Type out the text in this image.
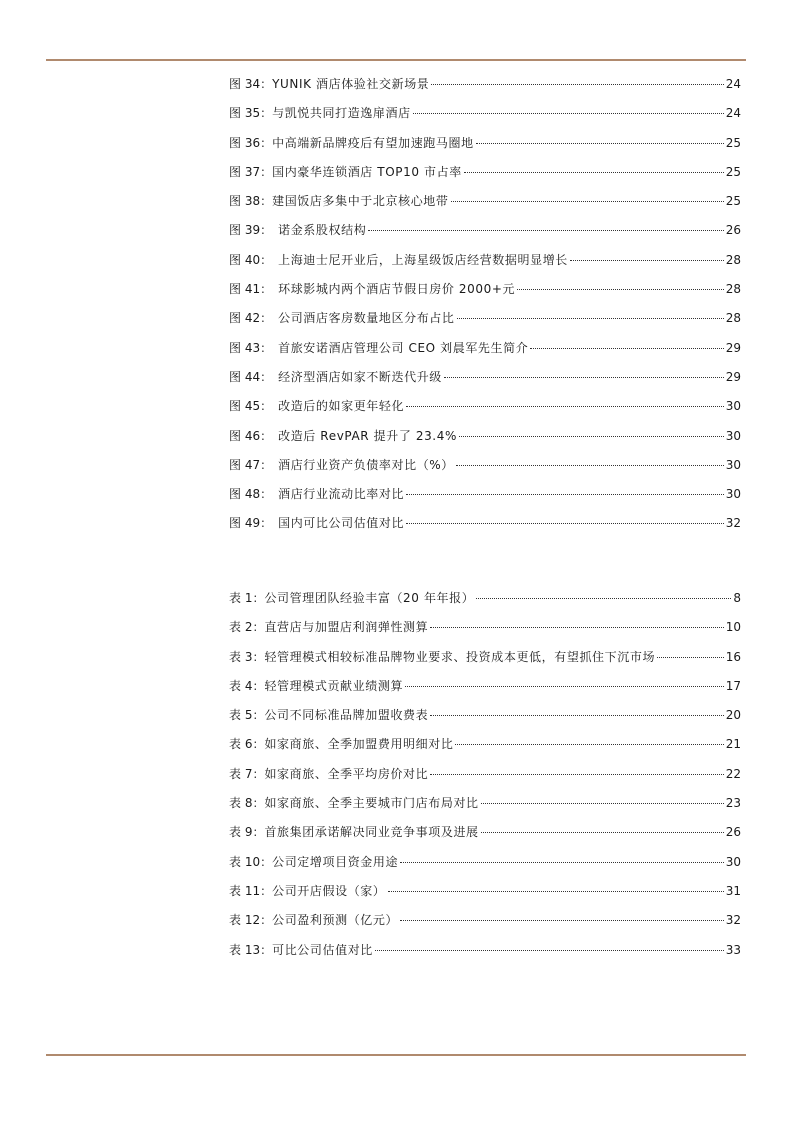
图 34： YUNIK 酒店体验社交新场景	24
图 35： 与凯悦共同打造逸扉酒店	24
图 36： 中高端新品牌疫后有望加速跑马圈地	25
图 37： 国内豪华连锁酒店 TOP10 市占率	25
图 38： 建国饭店多集中于北京核心地带	25
图 39： 诺金系股权结构	26
图 40： 上海迪士尼开业后，上海星级饭店经营数据明显增长	28
图 41： 环球影城内两个酒店节假日房价 2000+元	28
图 42： 公司酒店客房数量地区分布占比	28
图 43： 首旅安诺酒店管理公司 CEO 刘晨军先生简介	29
图 44： 经济型酒店如家不断迭代升级	29
图 45： 改造后的如家更年轻化	30
图 46： 改造后 RevPAR 提升了 23.4%	30
图 47： 酒店行业资产负债率对比（%）	30
图 48： 酒店行业流动比率对比	30
图 49： 国内可比公司估值对比	32
表 1： 公司管理团队经验丰富（20 年年报）	8
表 2： 直营店与加盟店利润弹性测算	10
表 3： 轻管理模式相较标准品牌物业要求、投资成本更低，有望抓住下沉市场	16
表 4： 轻管理模式贡献业绩测算	17
表 5： 公司不同标准品牌加盟收费表	20
表 6： 如家商旅、全季加盟费用明细对比	21
表 7： 如家商旅、全季平均房价对比	22
表 8： 如家商旅、全季主要城市门店布局对比	23
表 9： 首旅集团承诺解决同业竞争事项及进展	26
表 10： 公司定增项目资金用途	30
表 11： 公司开店假设（家）	31
表 12： 公司盈利预测（亿元）	32
表 13： 可比公司估值对比	33
